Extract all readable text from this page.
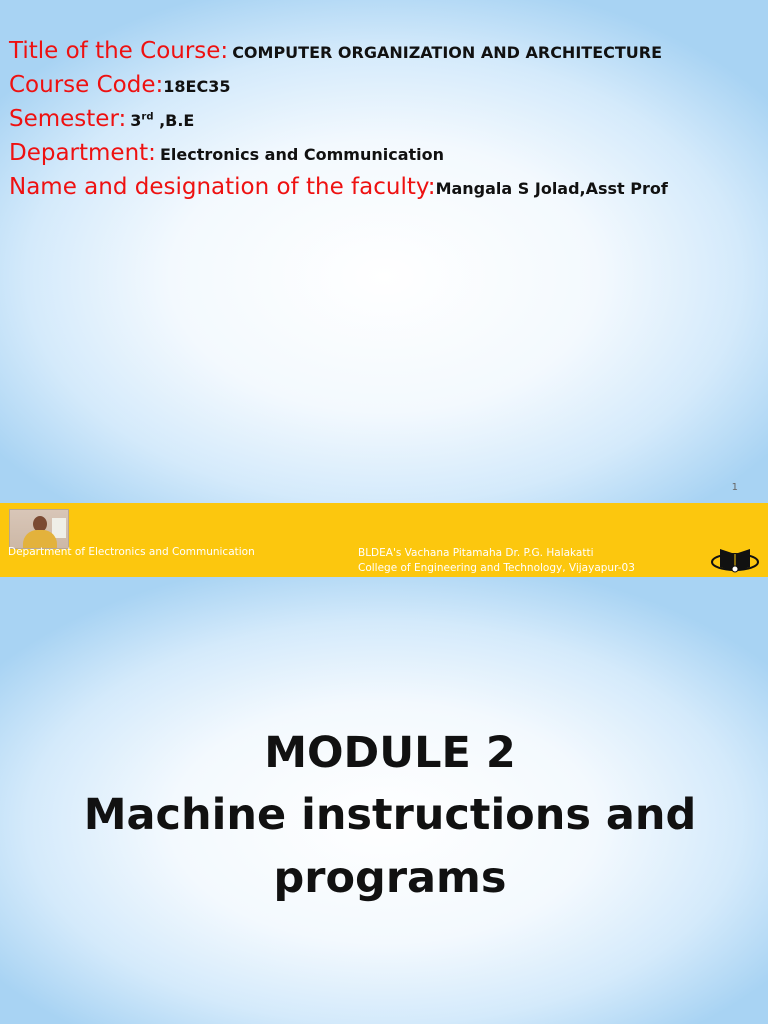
Title of the Course: COMPUTER ORGANIZATION AND ARCHITECTURE
Course Code: 18EC35
Semester: 3rd ,B.E
Department: Electronics and Communication
Name and designation of the faculty: Mangala S Jolad,Asst Prof
1
Department of Electronics and Communication	BLDEA's Vachana Pitamaha Dr. P.G. Halakatti
College of Engineering and Technology, Vijayapur-03
MODULE 2
Machine instructions and
programs
